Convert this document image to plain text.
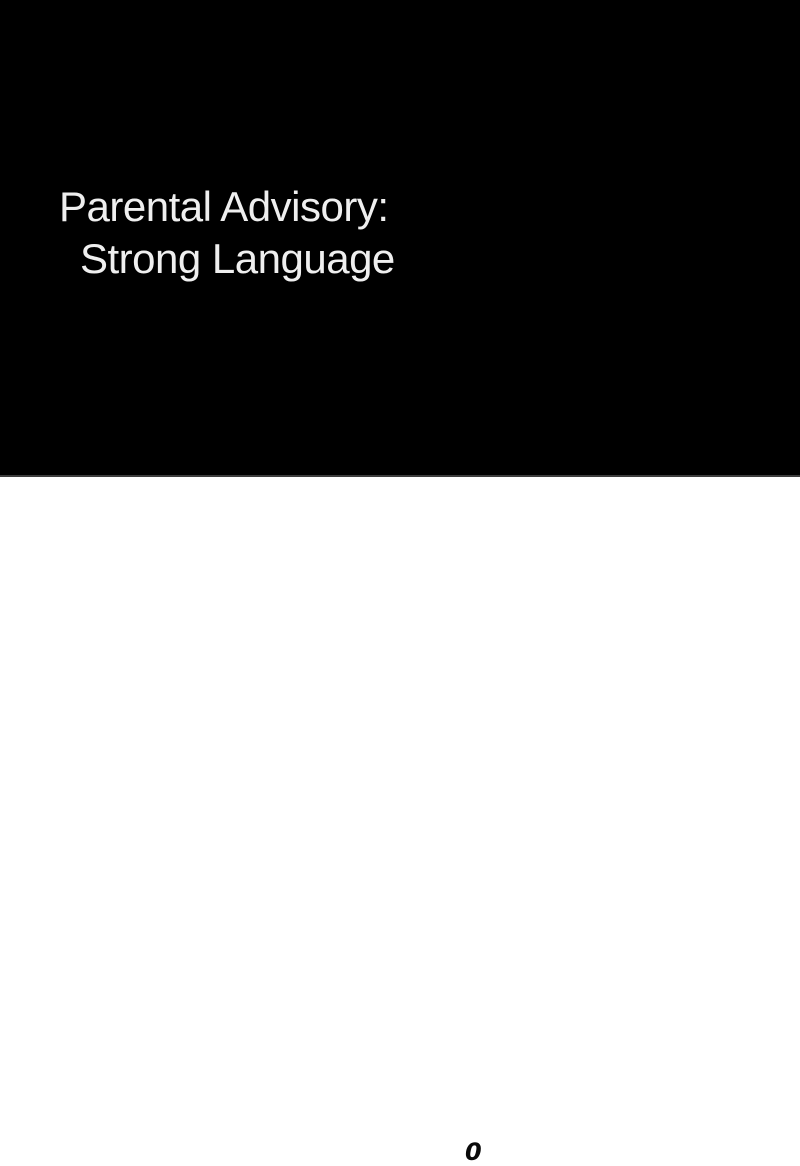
Parental Advisory:
Strong Language
0
